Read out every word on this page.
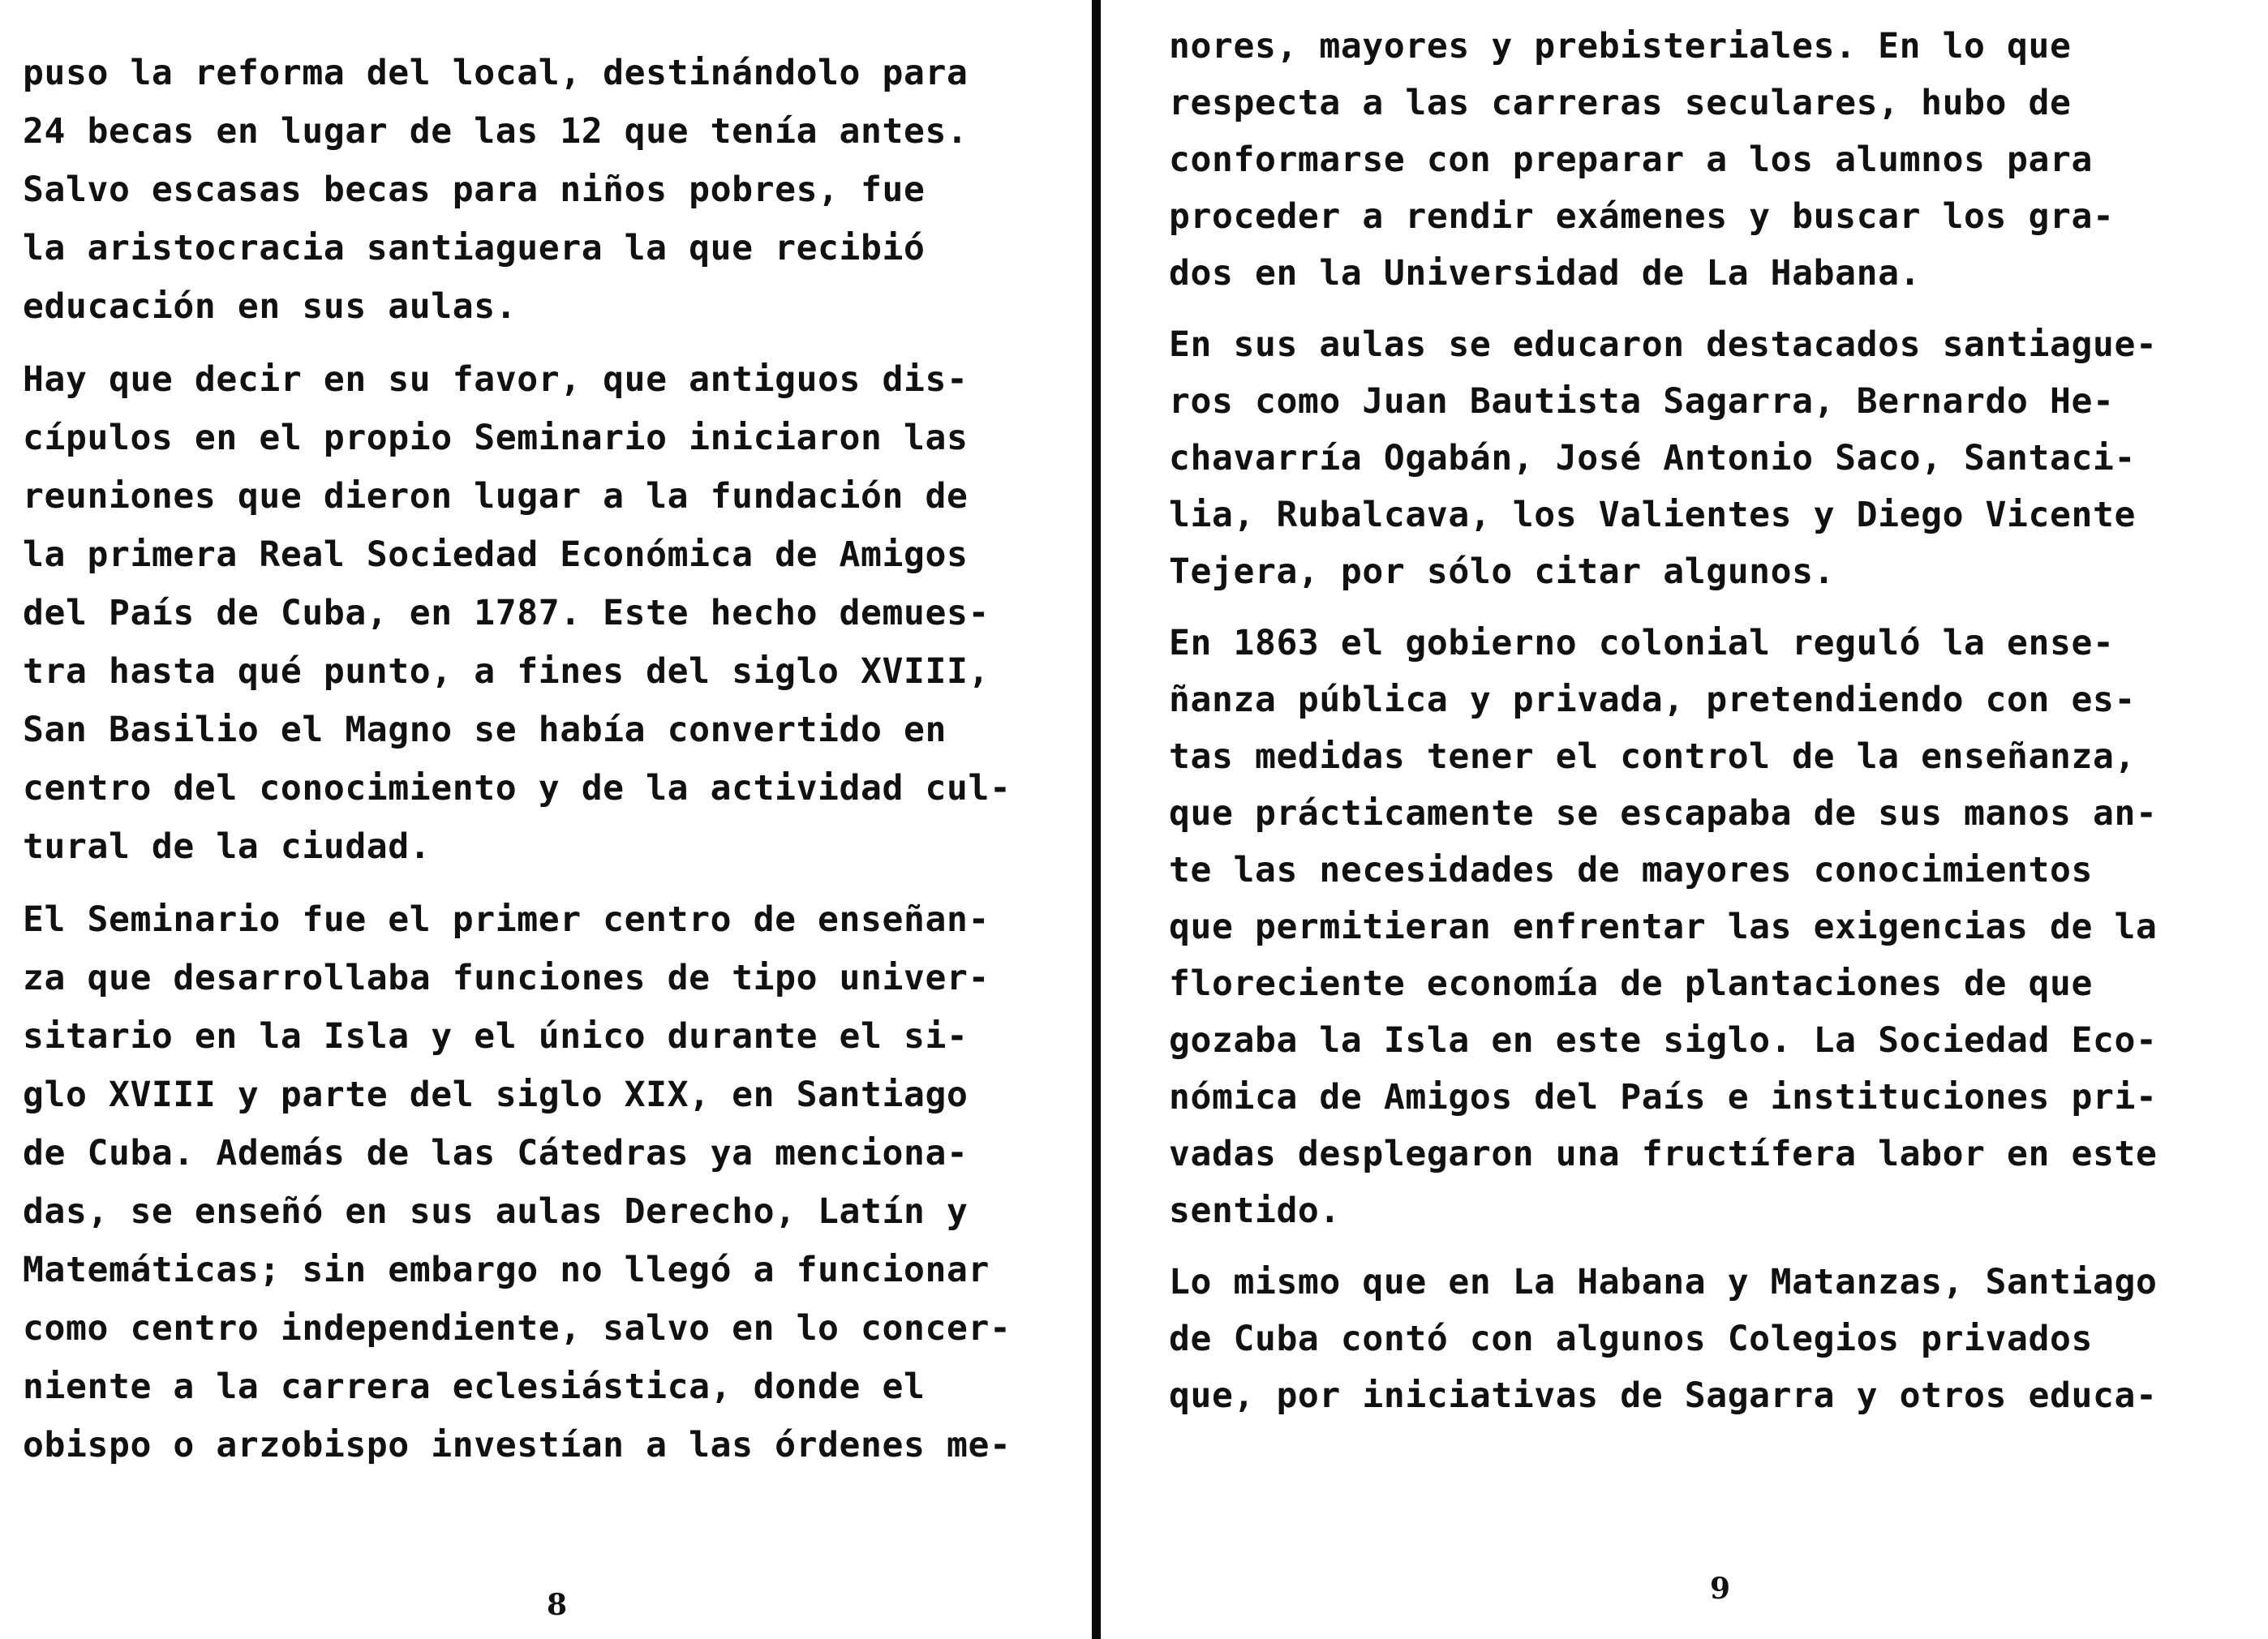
puso la reforma del local, destinándolo para
24 becas en lugar de las 12 que tenía antes.
Salvo escasas becas para niños pobres, fue
la aristocracia santiaguera la que recibió
educación en sus aulas.
Hay que decir en su favor, que antiguos dis-
cípulos en el propio Seminario iniciaron las
reuniones que dieron lugar a la fundación de
la primera Real Sociedad Económica de Amigos
del País de Cuba, en 1787. Este hecho demues-
tra hasta qué punto, a fines del siglo XVIII,
San Basilio el Magno se había convertido en
centro del conocimiento y de la actividad cul-
tural de la ciudad.
El Seminario fue el primer centro de enseñan-
za que desarrollaba funciones de tipo univer-
sitario en la Isla y el único durante el si-
glo XVIII y parte del siglo XIX, en Santiago
de Cuba. Además de las Cátedras ya menciona-
das, se enseñó en sus aulas Derecho, Latín y
Matemáticas; sin embargo no llegó a funcionar
como centro independiente, salvo en lo concer-
niente a la carrera eclesiástica, donde el
obispo o arzobispo investían a las órdenes me-
nores, mayores y prebisteriales. En lo que
respecta a las carreras seculares, hubo de
conformarse con preparar a los alumnos para
proceder a rendir exámenes y buscar los gra-
dos en la Universidad de La Habana.
En sus aulas se educaron destacados santiague-
ros como Juan Bautista Sagarra, Bernardo He-
chavarría Ogabán, José Antonio Saco, Santaci-
lia, Rubalcava, los Valientes y Diego Vicente
Tejera, por sólo citar algunos.
En 1863 el gobierno colonial reguló la ense-
ñanza pública y privada, pretendiendo con es-
tas medidas tener el control de la enseñanza,
que prácticamente se escapaba de sus manos an-
te las necesidades de mayores conocimientos
que permitieran enfrentar las exigencias de la
floreciente economía de plantaciones de que
gozaba la Isla en este siglo. La Sociedad Eco-
nómica de Amigos del País e instituciones pri-
vadas desplegaron una fructífera labor en este
sentido.
Lo mismo que en La Habana y Matanzas, Santiago
de Cuba contó con algunos Colegios privados
que, por iniciativas de Sagarra y otros educa-
8	9
